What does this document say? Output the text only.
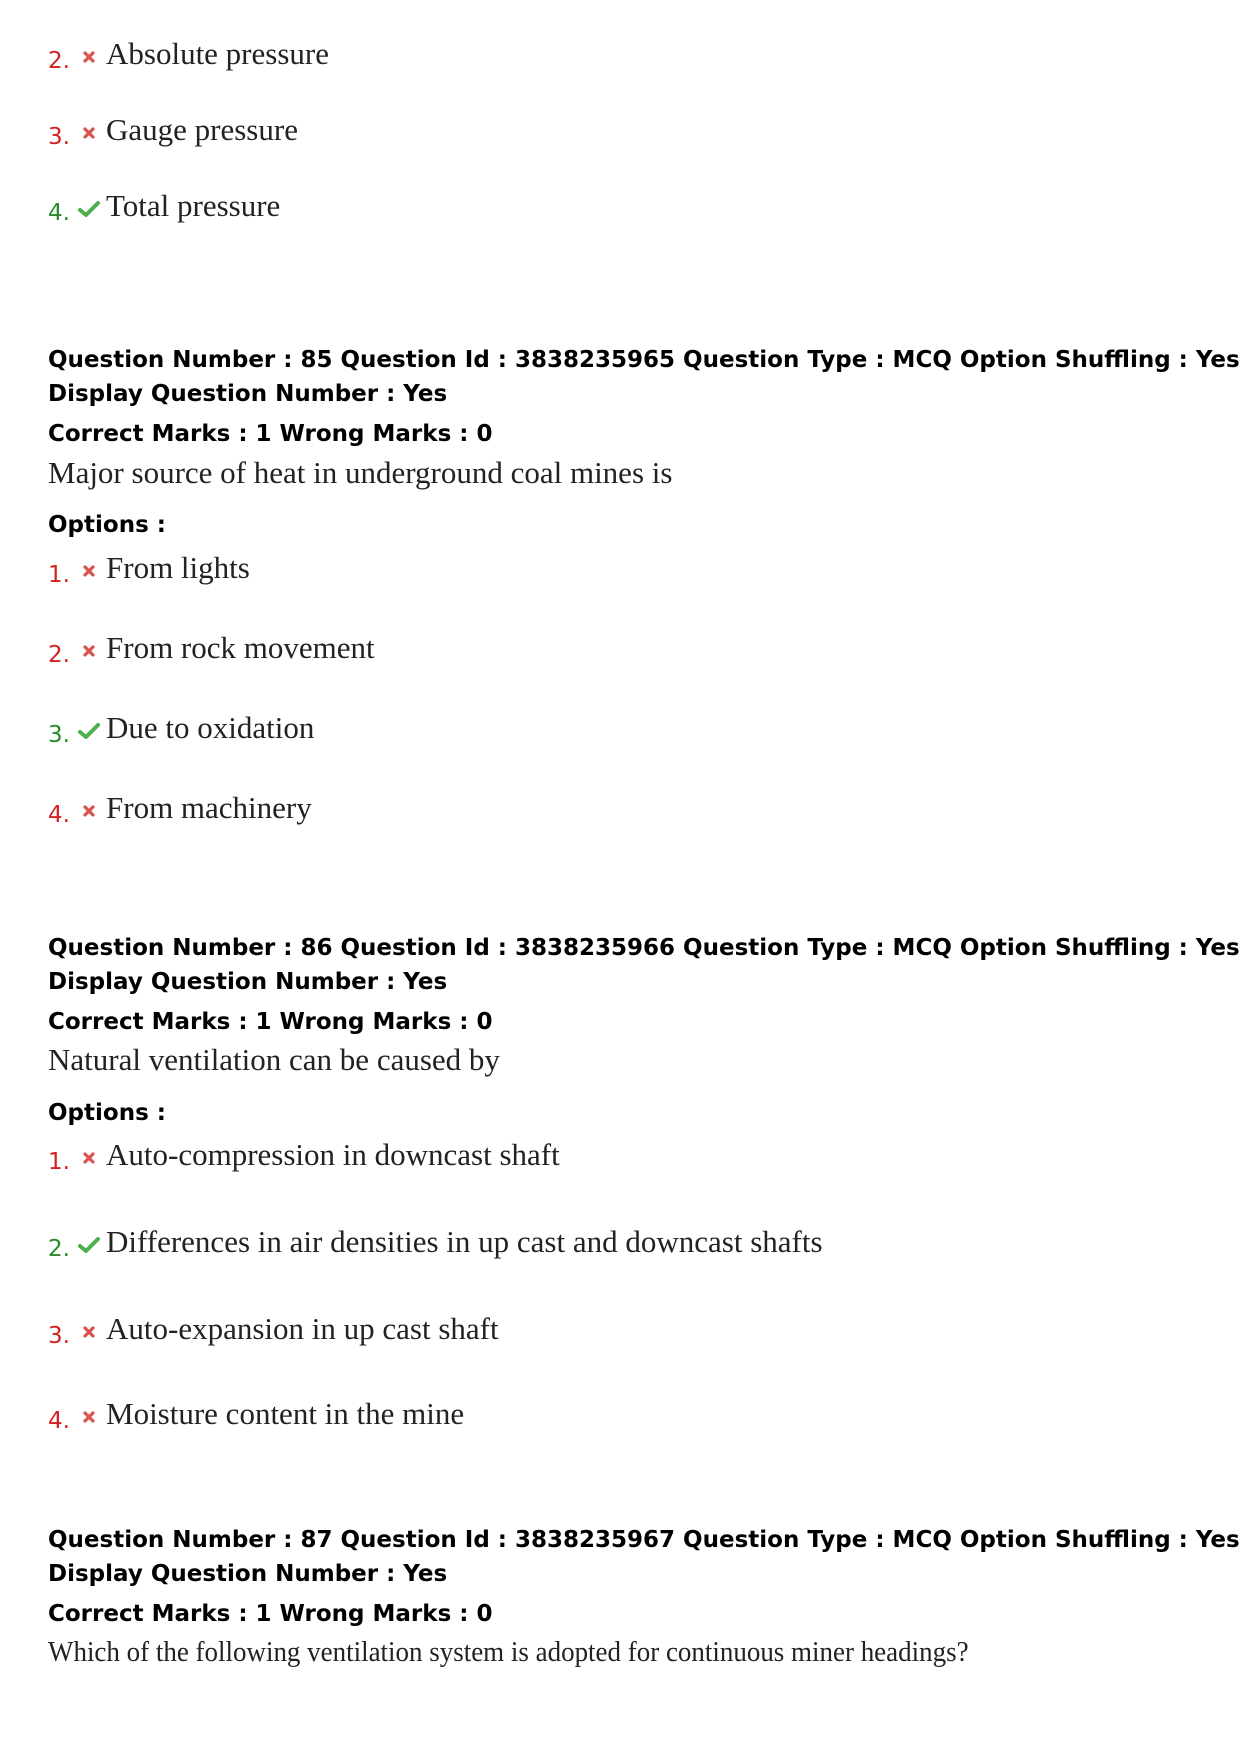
2. Absolute pressure
3. Gauge pressure
4. Total pressure
Question Number : 85 Question Id : 3838235965 Question Type : MCQ Option Shuffling : Yes
Display Question Number : Yes
Correct Marks : 1 Wrong Marks : 0
Major source of heat in underground coal mines is
Options :
1. From lights
2. From rock movement
3. Due to oxidation
4. From machinery
Question Number : 86 Question Id : 3838235966 Question Type : MCQ Option Shuffling : Yes
Display Question Number : Yes
Correct Marks : 1 Wrong Marks : 0
Natural ventilation can be caused by
Options :
1. Auto-compression in downcast shaft
2. Differences in air densities in up cast and downcast shafts
3. Auto-expansion in up cast shaft
4. Moisture content in the mine
Question Number : 87 Question Id : 3838235967 Question Type : MCQ Option Shuffling : Yes
Display Question Number : Yes
Correct Marks : 1 Wrong Marks : 0
Which of the following ventilation system is adopted for continuous miner headings?
